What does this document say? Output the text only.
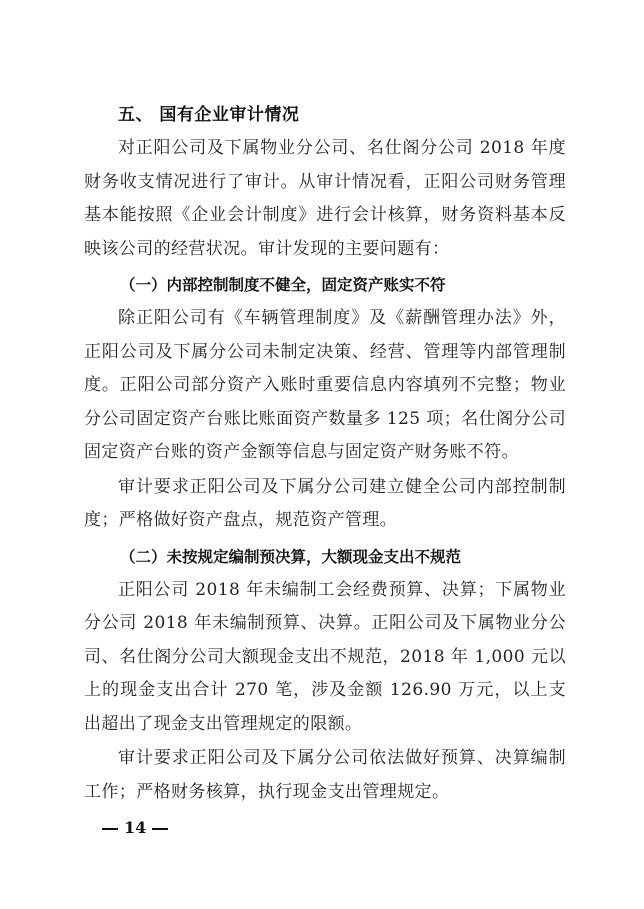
五、 国有企业审计情况

对正阳公司及下属物业分公司、名仕阁分公司 2018 年度财务收支情况进行了审计。从审计情况看，正阳公司财务管理基本能按照《企业会计制度》进行会计核算，财务资料基本反映该公司的经营状况。审计发现的主要问题有：

（一）内部控制制度不健全，固定资产账实不符

除正阳公司有《车辆管理制度》及《薪酬管理办法》外，正阳公司及下属分公司未制定决策、经营、管理等内部管理制度。正阳公司部分资产入账时重要信息内容填列不完整；物业分公司固定资产台账比账面资产数量多 125 项；名仕阁分公司固定资产台账的资产金额等信息与固定资产财务账不符。

审计要求正阳公司及下属分公司建立健全公司内部控制制度；严格做好资产盘点，规范资产管理。

（二）未按规定编制预决算，大额现金支出不规范

正阳公司 2018 年未编制工会经费预算、决算；下属物业分公司 2018 年未编制预算、决算。正阳公司及下属物业分公司、名仕阁分公司大额现金支出不规范，2018 年 1,000 元以上的现金支出合计 270 笔，涉及金额 126.90 万元，以上支出超出了现金支出管理规定的限额。

审计要求正阳公司及下属分公司依法做好预算、决算编制工作；严格财务核算，执行现金支出管理规定。

14
